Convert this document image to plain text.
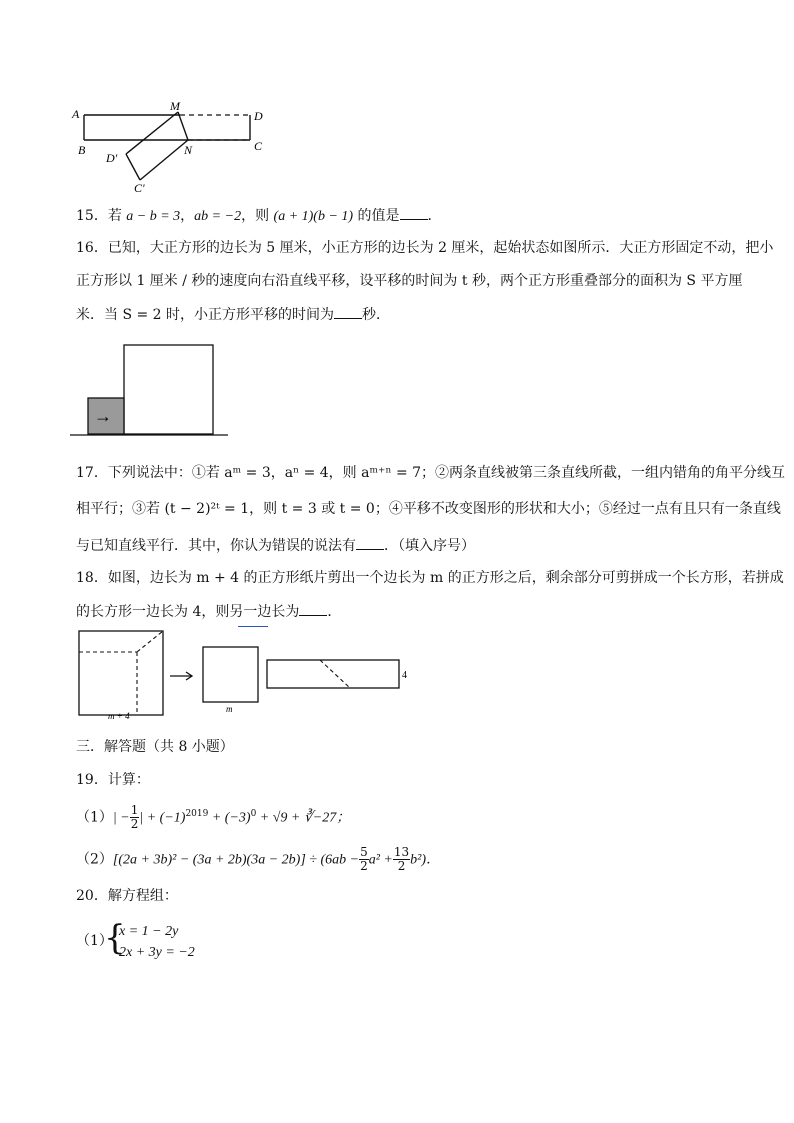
A
M
D
B	N	C
D'
C'
15．若 a − b = 3，ab = −2，则 (a + 1)(b − 1) 的值是 ．
16．已知，大正方形的边长为 5 厘米，小正方形的边长为 2 厘米，起始状态如图所示．大正方形固定不动，把小
正方形以 1 厘米 / 秒的速度向右沿直线平移，设平移的时间为 t 秒，两个正方形重叠部分的面积为 S 平方厘
米．当 S = 2 时，小正方形平移的时间为 秒．
→
17．下列说法中：①若 aᵐ = 3，aⁿ = 4，则 aᵐ⁺ⁿ = 7；②两条直线被第三条直线所截，一组内错角的角平分线互
相平行；③若 (t − 2)²ᵗ = 1，则 t = 3 或 t = 0；④平移不改变图形的形状和大小；⑤经过一点有且只有一条直线
与已知直线平行．其中，你认为错误的说法有 ．（填入序号）
18．如图，边长为 m + 4 的正方形纸片剪出一个边长为 m 的正方形之后，剩余部分可剪拼成一个长方形，若拼成
的长方形一边长为 4，则另一边长为 ．
m + 4
m
4
三．解答题（共 8 小题）
19．计算：
$(1)| - \frac{1}{2}$ | + $(-1)^{2019} + (-3)^0 + √9$ + ∛−27；
$(2)[(2a + 3b)^2 - (3a + 2b)(3a - 2b)] \div (6ab - \frac{5}{2} a^2 + \frac{13}{2} b^2)$．
20．解方程组：
（1）
{
x = 1 − 2y
2x + 3y = −2
